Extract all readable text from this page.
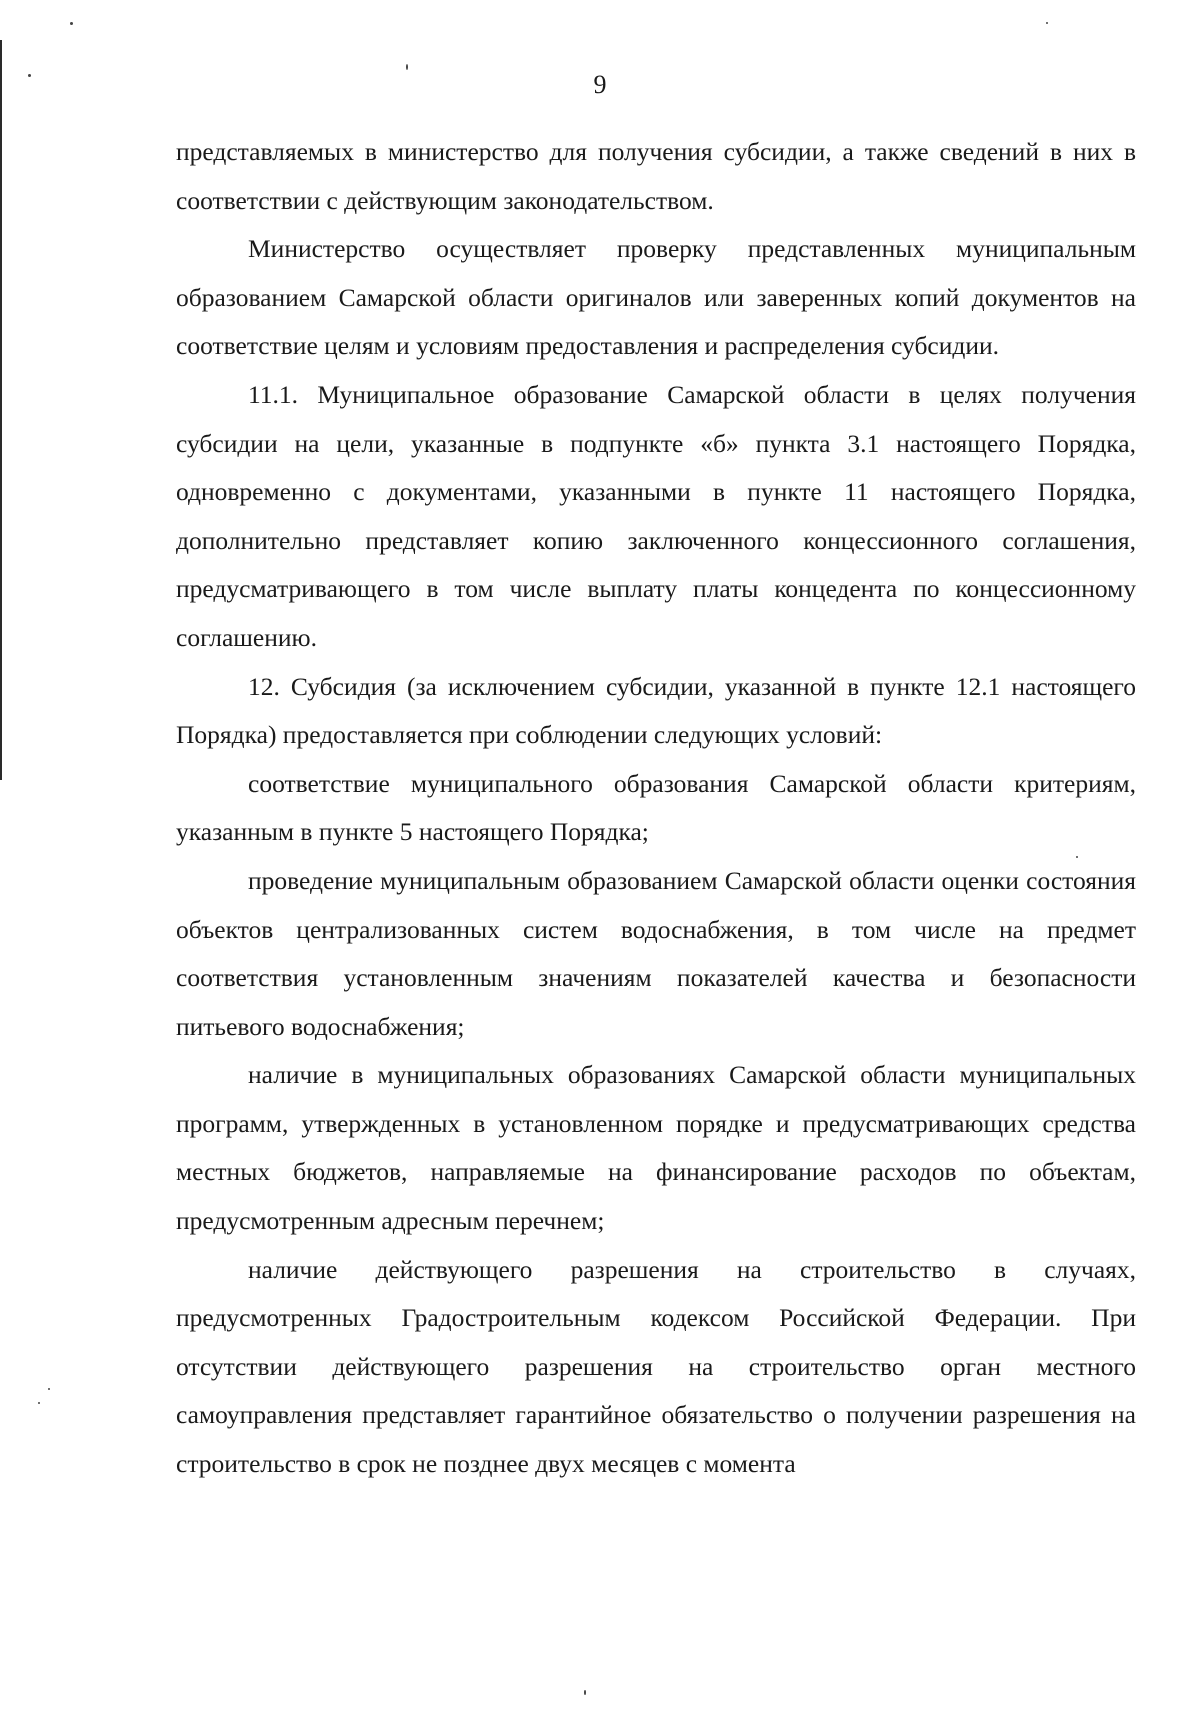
9

представляемых в министерство для получения субсидии, а также сведений в них в соответствии с действующим законодательством.

Министерство осуществляет проверку представленных муниципальным образованием Самарской области оригиналов или заверенных копий документов на соответствие целям и условиям предоставления и распределения субсидии.

11.1. Муниципальное образование Самарской области в целях получения субсидии на цели, указанные в подпункте «б» пункта 3.1 настоящего Порядка, одновременно с документами, указанными в пункте 11 настоящего Порядка, дополнительно представляет копию заключенного концессионного соглашения, предусматривающего в том числе выплату платы концедента по концессионному соглашению.

12. Субсидия (за исключением субсидии, указанной в пункте 12.1 настоящего Порядка) предоставляется при соблюдении следующих условий:

соответствие муниципального образования Самарской области критериям, указанным в пункте 5 настоящего Порядка;

проведение муниципальным образованием Самарской области оценки состояния объектов централизованных систем водоснабжения, в том числе на предмет соответствия установленным значениям показателей качества и безопасности питьевого водоснабжения;

наличие в муниципальных образованиях Самарской области муниципальных программ, утвержденных в установленном порядке и предусматривающих средства местных бюджетов, направляемые на финансирование расходов по объектам, предусмотренным адресным перечнем;

наличие действующего разрешения на строительство в случаях, предусмотренных Градостроительным кодексом Российской Федерации. При отсутствии действующего разрешения на строительство орган местного самоуправления представляет гарантийное обязательство о получении разрешения на строительство в срок не позднее двух месяцев с момента
